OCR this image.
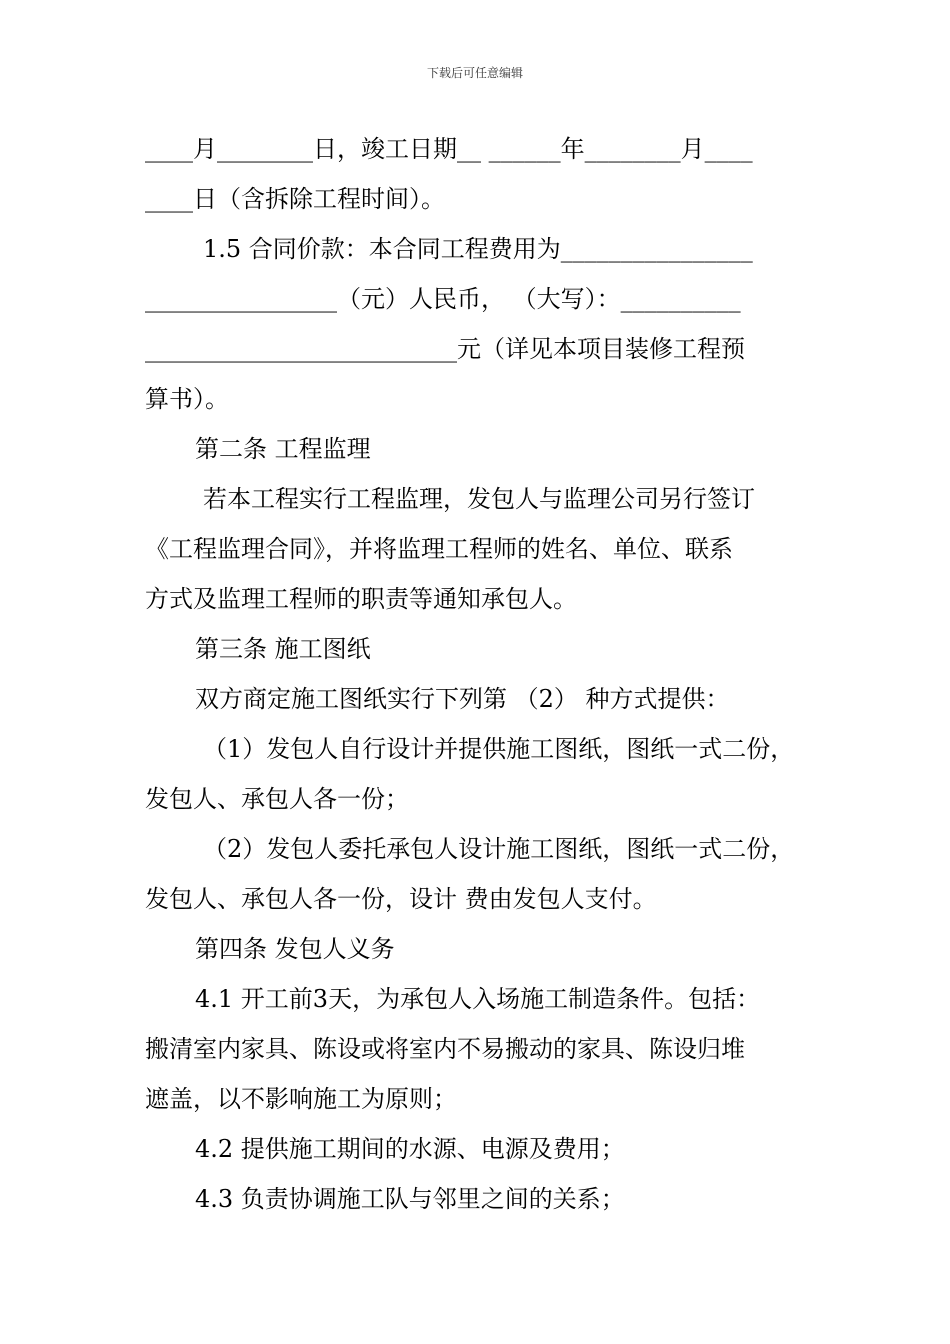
下载后可任意编辑
____月________日，竣工日期__ ______年________月____
____日（含拆除工程时间）。
1.5 合同价款：本合同工程费用为________________
________________（元）人民币， （大写）：__________
__________________________元（详见本项目装修工程预
算书）。
第二条 工程监理
若本工程实行工程监理，发包人与监理公司另行签订
《工程监理合同》，并将监理工程师的姓名、单位、联系
方式及监理工程师的职责等通知承包人。
第三条 施工图纸
双方商定施工图纸实行下列第 （2） 种方式提供：
（1）发包人自行设计并提供施工图纸，图纸一式二份，
发包人、承包人各一份；
（2）发包人委托承包人设计施工图纸，图纸一式二份，
发包人、承包人各一份，设计 费由发包人支付。
第四条 发包人义务
4.1 开工前3天，为承包人入场施工制造条件。包括：
搬清室内家具、陈设或将室内不易搬动的家具、陈设归堆
遮盖，以不影响施工为原则；
4.2 提供施工期间的水源、电源及费用；
4.3 负责协调施工队与邻里之间的关系；
